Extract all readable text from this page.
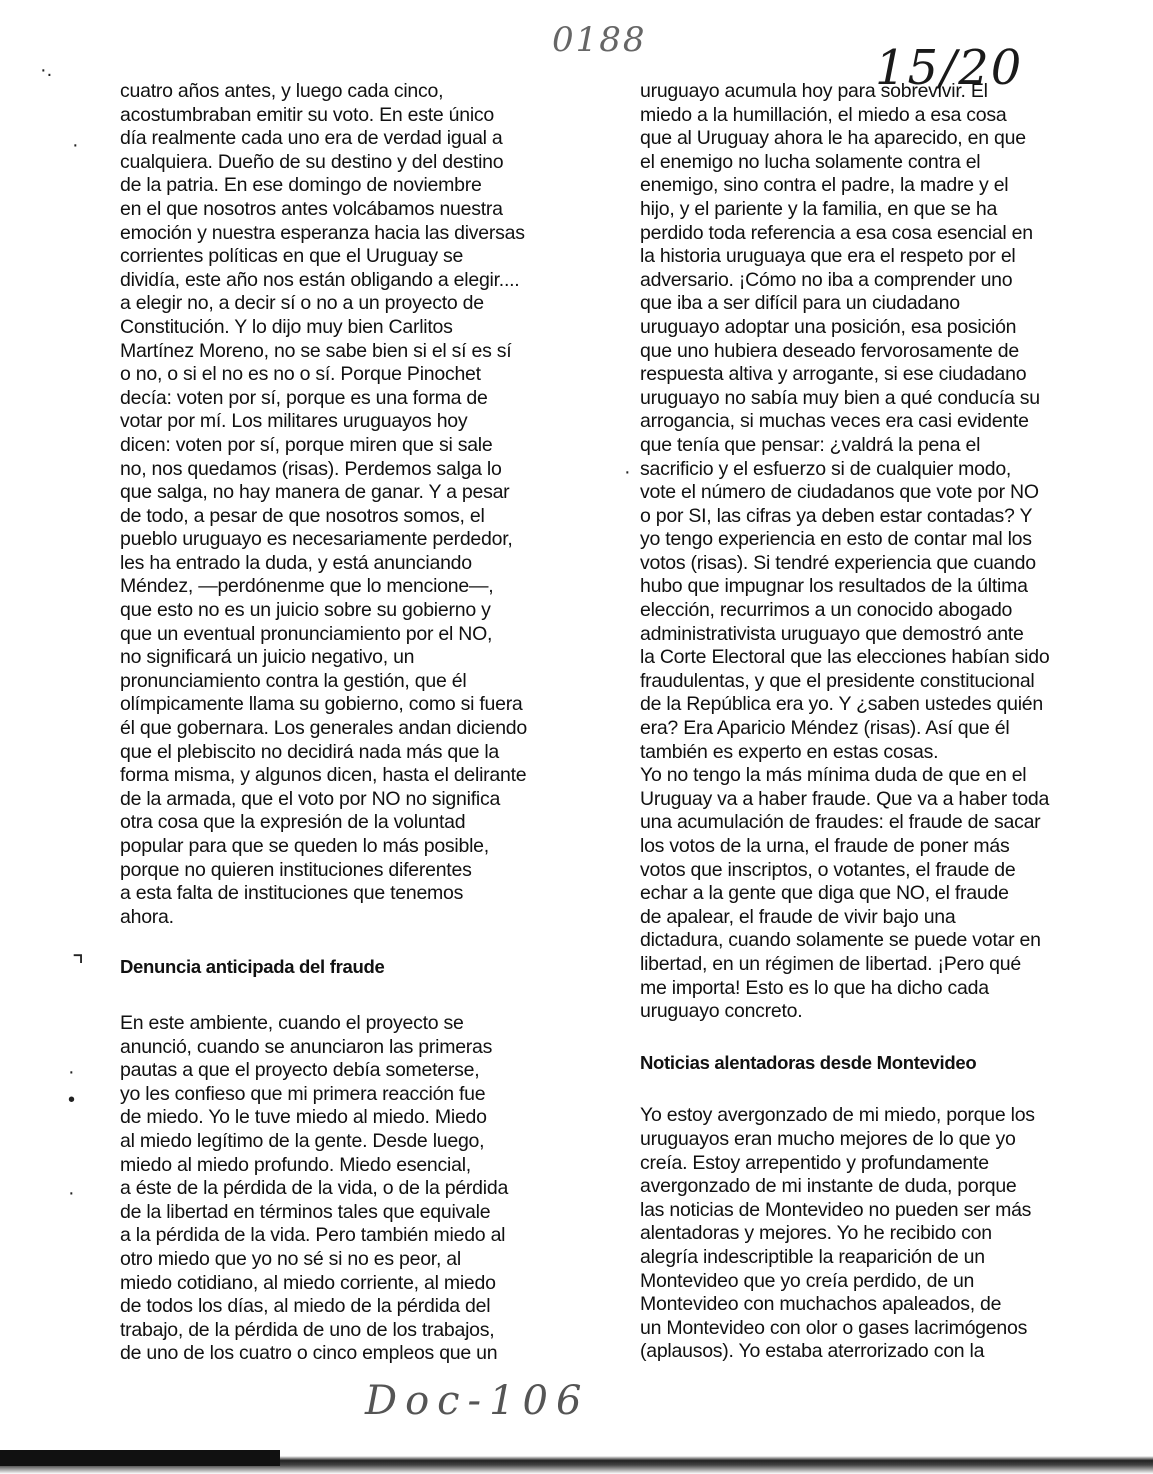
0188	15/20
·.
·
⌝
·
•
·
·
cuatro años antes, y luego cada cinco,
acostumbraban emitir su voto. En este único
día realmente cada uno era de verdad igual a
cualquiera. Dueño de su destino y del destino
de la patria. En ese domingo de noviembre
en el que nosotros antes volcábamos nuestra
emoción y nuestra esperanza hacia las diversas
corrientes políticas en que el Uruguay se
dividía, este año nos están obligando a elegir....
a elegir no, a decir sí o no a un proyecto de
Constitución. Y lo dijo muy bien Carlitos
Martínez Moreno, no se sabe bien si el sí es sí
o no, o si el no es no o sí. Porque Pinochet
decía: voten por sí, porque es una forma de
votar por mí. Los militares uruguayos hoy
dicen: voten por sí, porque miren que si sale
no, nos quedamos (risas). Perdemos salga lo
que salga, no hay manera de ganar. Y a pesar
de todo, a pesar de que nosotros somos, el
pueblo uruguayo es necesariamente perdedor,
les ha entrado la duda, y está anunciando
Méndez, —perdónenme que lo mencione—,
que esto no es un juicio sobre su gobierno y
que un eventual pronunciamiento por el NO,
no significará un juicio negativo, un
pronunciamiento contra la gestión, que él
olímpicamente llama su gobierno, como si fuera
él que gobernara. Los generales andan diciendo
que el plebiscito no decidirá nada más que la
forma misma, y algunos dicen, hasta el delirante
de la armada, que el voto por NO no significa
otra cosa que la expresión de la voluntad
popular para que se queden lo más posible,
porque no quieren instituciones diferentes
a esta falta de instituciones que tenemos
ahora.
Denuncia anticipada del fraude
En este ambiente, cuando el proyecto se
anunció, cuando se anunciaron las primeras
pautas a que el proyecto debía someterse,
yo les confieso que mi primera reacción fue
de miedo. Yo le tuve miedo al miedo. Miedo
al miedo legítimo de la gente. Desde luego,
miedo al miedo profundo. Miedo esencial,
a éste de la pérdida de la vida, o de la pérdida
de la libertad en términos tales que equivale
a la pérdida de la vida. Pero también miedo al
otro miedo que yo no sé si no es peor, al
miedo cotidiano, al miedo corriente, al miedo
de todos los días, al miedo de la pérdida del
trabajo, de la pérdida de uno de los trabajos,
de uno de los cuatro o cinco empleos que un
uruguayo acumula hoy para sobrevivir. El
miedo a la humillación, el miedo a esa cosa
que al Uruguay ahora le ha aparecido, en que
el enemigo no lucha solamente contra el
enemigo, sino contra el padre, la madre y el
hijo, y el pariente y la familia, en que se ha
perdido toda referencia a esa cosa esencial en
la historia uruguaya que era el respeto por el
adversario. ¡Cómo no iba a comprender uno
que iba a ser difícil para un ciudadano
uruguayo adoptar una posición, esa posición
que uno hubiera deseado fervorosamente de
respuesta altiva y arrogante, si ese ciudadano
uruguayo no sabía muy bien a qué conducía su
arrogancia, si muchas veces era casi evidente
que tenía que pensar: ¿valdrá la pena el
sacrificio y el esfuerzo si de cualquier modo,
vote el número de ciudadanos que vote por NO
o por SI, las cifras ya deben estar contadas? Y
yo tengo experiencia en esto de contar mal los
votos (risas). Si tendré experiencia que cuando
hubo que impugnar los resultados de la última
elección, recurrimos a un conocido abogado
administrativista uruguayo que demostró ante
la Corte Electoral que las elecciones habían sido
fraudulentas, y que el presidente constitucional
de la República era yo. Y ¿saben ustedes quién
era? Era Aparicio Méndez (risas). Así que él
también es experto en estas cosas.
Yo no tengo la más mínima duda de que en el
Uruguay va a haber fraude. Que va a haber toda
una acumulación de fraudes: el fraude de sacar
los votos de la urna, el fraude de poner más
votos que inscriptos, o votantes, el fraude de
echar a la gente que diga que NO, el fraude
de apalear, el fraude de vivir bajo una
dictadura, cuando solamente se puede votar en
libertad, en un régimen de libertad. ¡Pero qué
me importa! Esto es lo que ha dicho cada
uruguayo concreto.
Noticias alentadoras desde Montevideo
Yo estoy avergonzado de mi miedo, porque los
uruguayos eran mucho mejores de lo que yo
creía. Estoy arrepentido y profundamente
avergonzado de mi instante de duda, porque
las noticias de Montevideo no pueden ser más
alentadoras y mejores. Yo he recibido con
alegría indescriptible la reaparición de un
Montevideo que yo creía perdido, de un
Montevideo con muchachos apaleados, de
un Montevideo con olor o gases lacrimógenos
(aplausos). Yo estaba aterrorizado con la
Doc-106
